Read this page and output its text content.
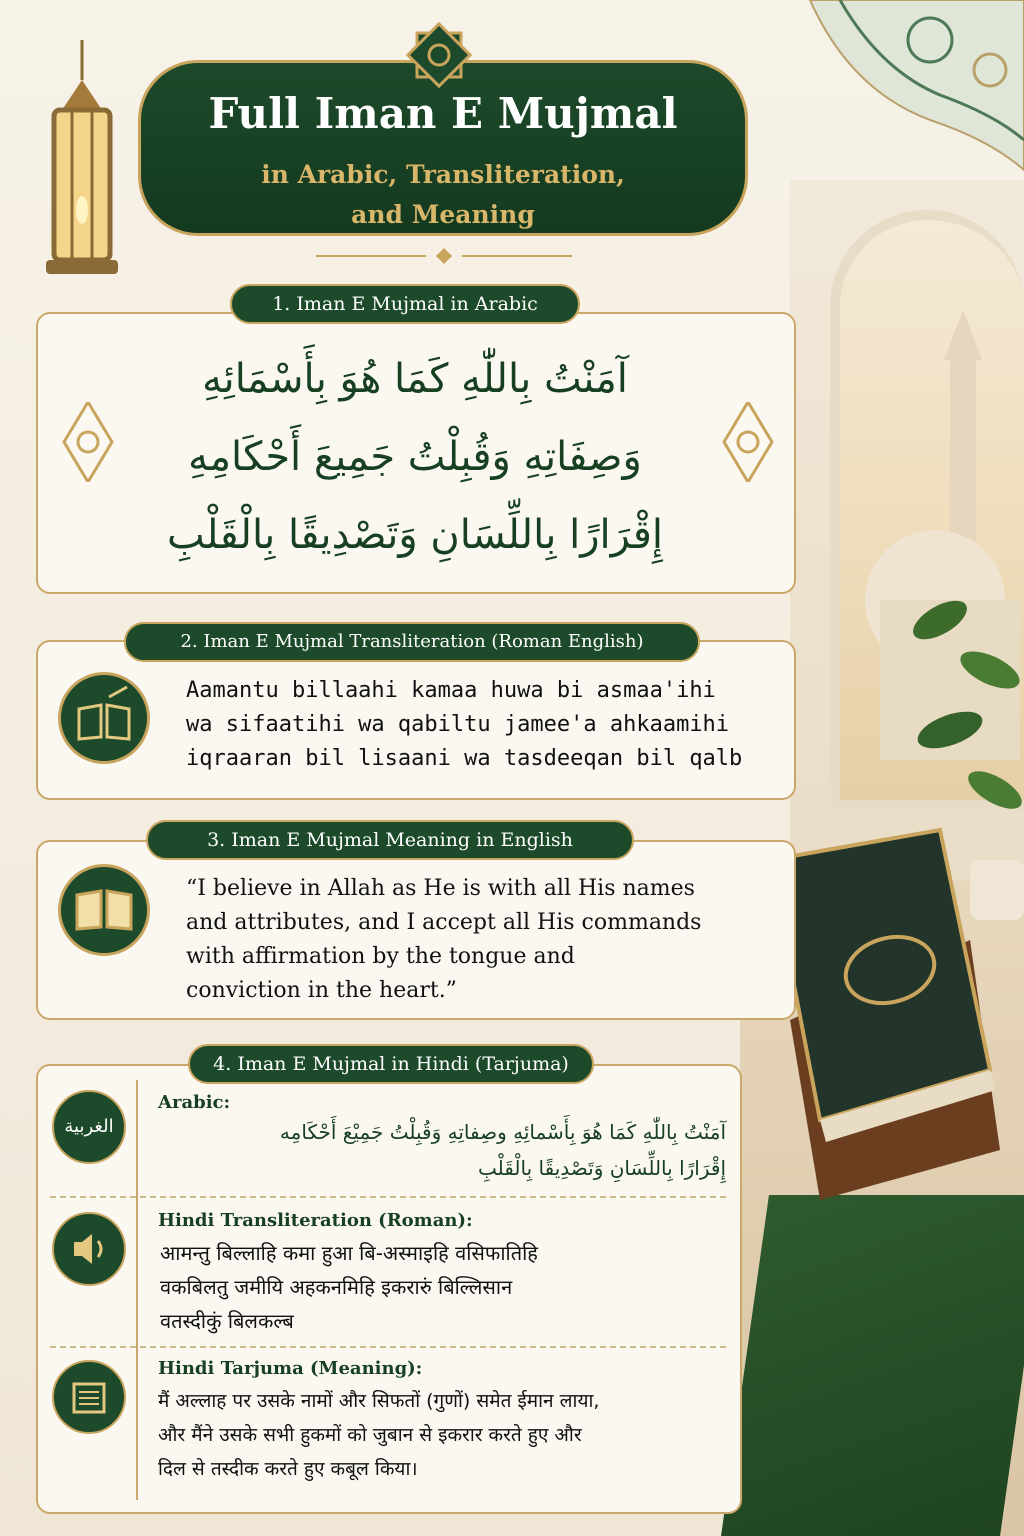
Full Iman E Mujmal
in Arabic, Transliteration,
and Meaning
1. Iman E Mujmal in Arabic
آمَنْتُ بِاللّٰهِ كَمَا هُوَ بِأَسْمَائِهِ
وَصِفَاتِهِ وَقُبِلْتُ جَمِيعَ أَحْكَامِهِ
إِقْرَارًا بِاللِّسَانِ وَتَصْدِيقًا بِالْقَلْبِ
2. Iman E Mujmal Transliteration (Roman English)
Aamantu billaahi kamaa huwa bi asmaa'ihi
wa sifaatihi wa qabiltu jamee'a ahkaamihi
iqraaran bil lisaani wa tasdeeqan bil qalb
3. Iman E Mujmal Meaning in English
“I believe in Allah as He is with all His names
and attributes, and I accept all His commands
with affirmation by the tongue and
conviction in the heart.”
4. Iman E Mujmal in Hindi (Tarjuma)
الغربية
Arabic:
آمَنْتُ بِاللّٰهِ كَمَا هُوَ بِأَسْمائِهِ وصِفاتِهِ وَقُبِلْتُ جَمِيْعَ أَحْكَامِه
إِقْرَارًا بِاللِّسَانِ وَتَصْدِيقًا بِالْقَلْبِ
Hindi Transliteration (Roman):
आमन्तु बिल्लाहि कमा हुआ बि-अस्माइहि वसिफातिहि
वकबिलतु जमीयि अहकनमिहि इकरारुं बिल्लिसान
वतस्दीकुं बिलकल्ब
Hindi Tarjuma (Meaning):
मैं अल्लाह पर उसके नामों और सिफतों (गुणों) समेत ईमान लाया,
और मैंने उसके सभी हुकमों को जुबान से इकरार करते हुए और
दिल से तस्दीक करते हुए कबूल किया।
